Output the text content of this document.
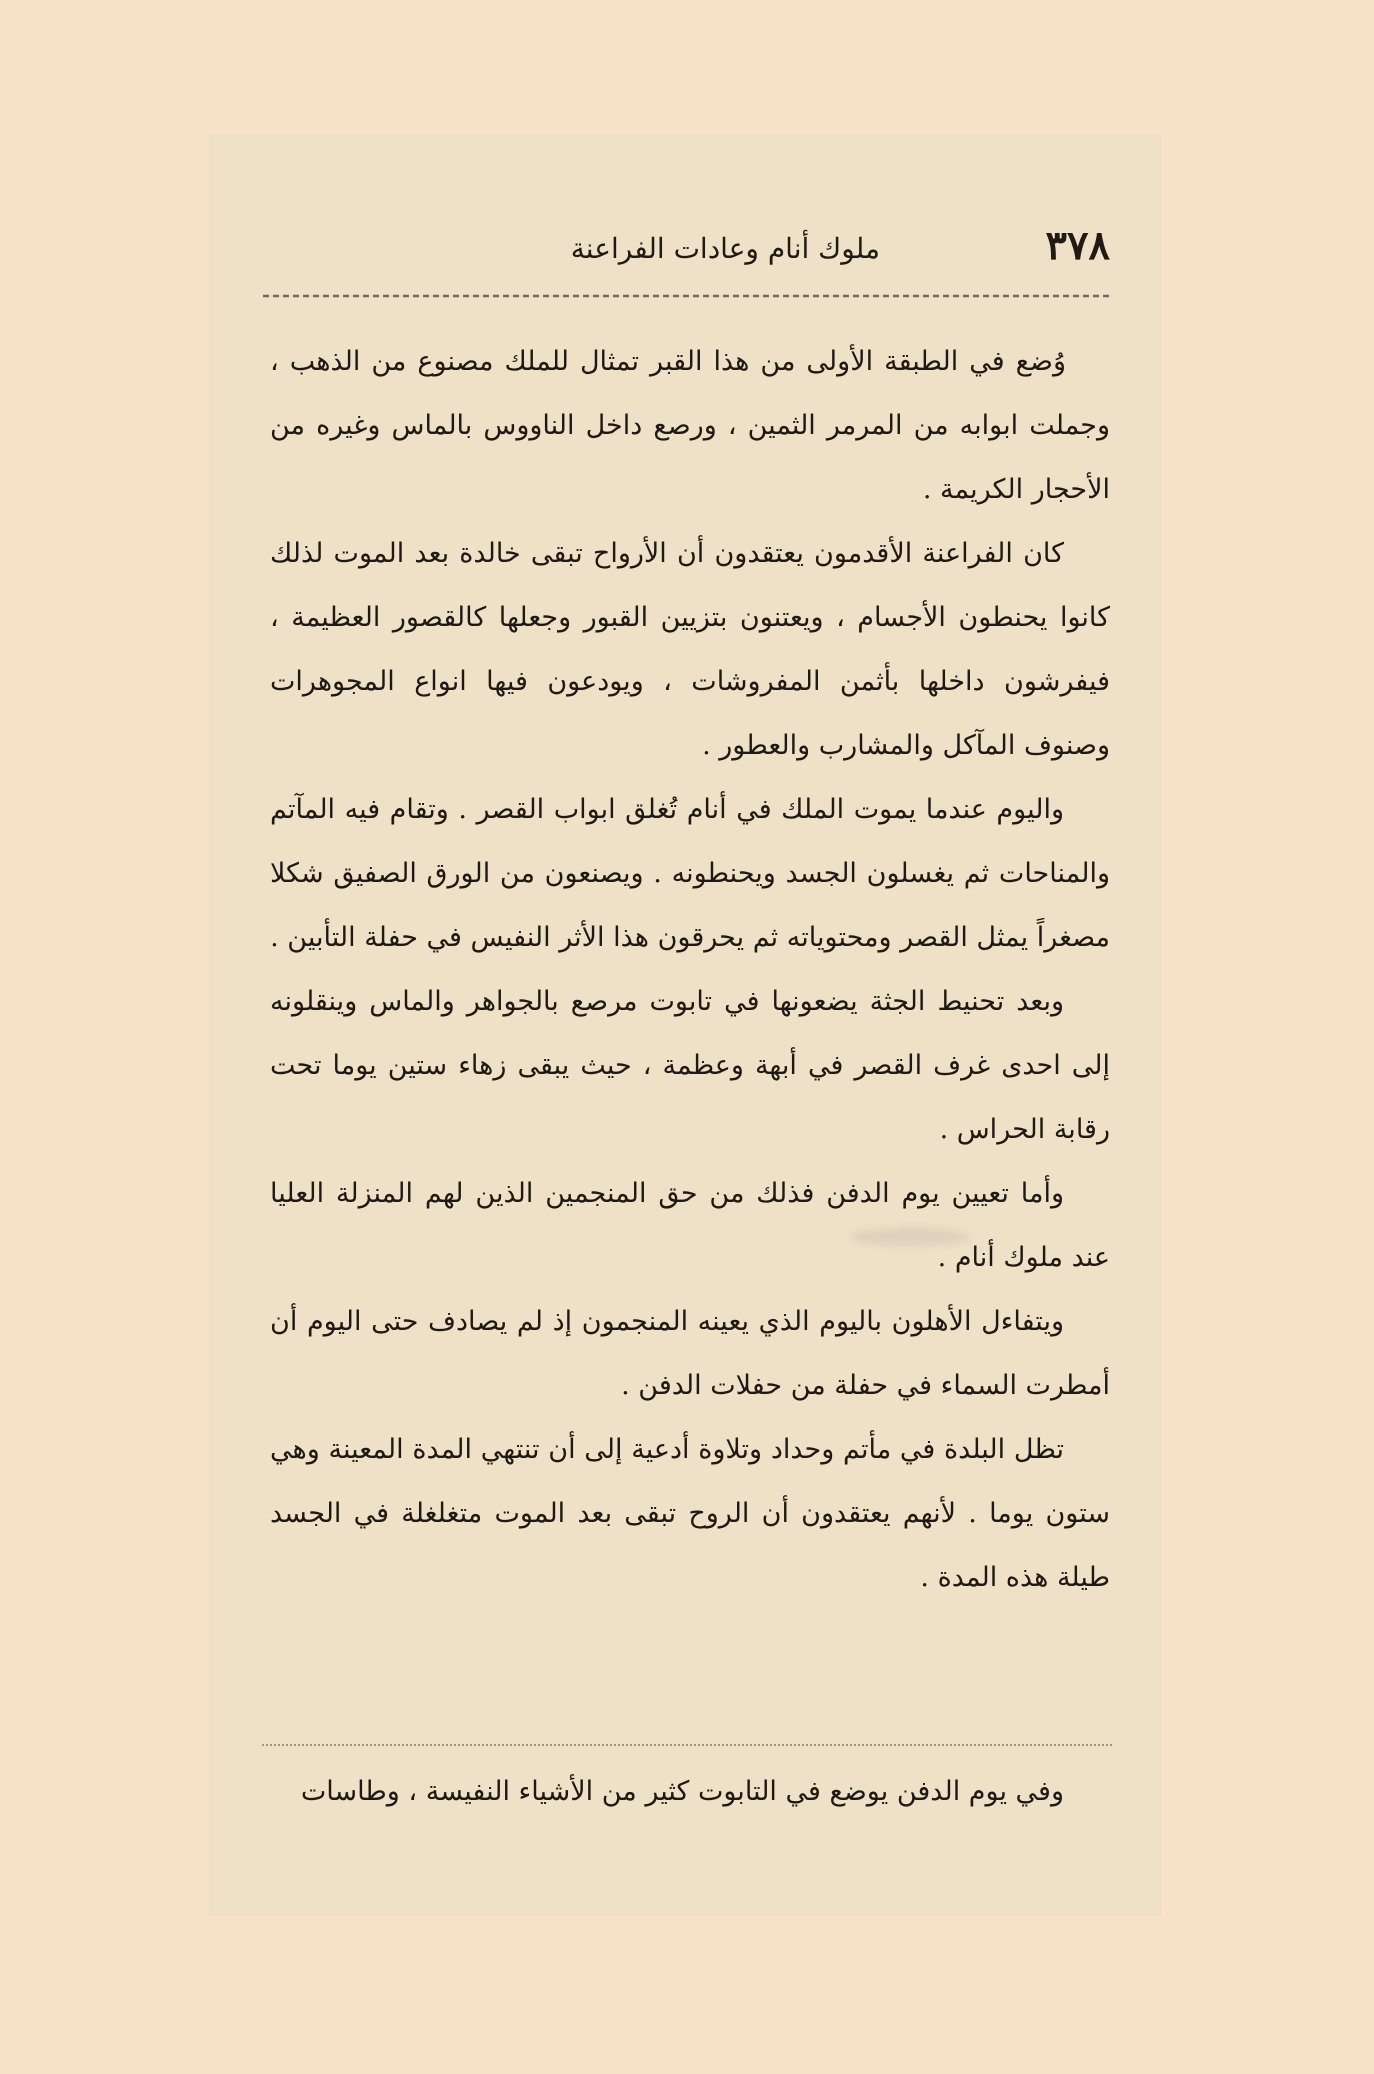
٣٧٨
ملوك أنام وعادات الفراعنة

وُضع في الطبقة الأولى من هذا القبر تمثال للملك مصنوع من الذهب ، وجملت ابوابه من المرمر الثمين ، ورصع داخل الناووس بالماس وغيره من الأحجار الكريمة .

كان الفراعنة الأقدمون يعتقدون أن الأرواح تبقى خالدة بعد الموت لذلك كانوا يحنطون الأجسام ، ويعتنون بتزيين القبور وجعلها كالقصور العظيمة ، فيفرشون داخلها بأثمن المفروشات ، ويودعون فيها انواع المجوهرات وصنوف المآكل والمشارب والعطور .

واليوم عندما يموت الملك في أنام تُغلق ابواب القصر . وتقام فيه المآتم والمناحات ثم يغسلون الجسد ويحنطونه . ويصنعون من الورق الصفيق شكلا مصغراً يمثل القصر ومحتوياته ثم يحرقون هذا الأثر النفيس في حفلة التأبين .

وبعد تحنيط الجثة يضعونها في تابوت مرصع بالجواهر والماس وينقلونه إلى احدى غرف القصر في أبهة وعظمة ، حيث يبقى زهاء ستين يوما تحت رقابة الحراس .

وأما تعيين يوم الدفن فذلك من حق المنجمين الذين لهم المنزلة العليا عند ملوك أنام .

ويتفاءل الأهلون باليوم الذي يعينه المنجمون إذ لم يصادف حتى اليوم أن أمطرت السماء في حفلة من حفلات الدفن .

تظل البلدة في مأتم وحداد وتلاوة أدعية إلى أن تنتهي المدة المعينة وهي ستون يوما . لأنهم يعتقدون أن الروح تبقى بعد الموت متغلغلة في الجسد طيلة هذه المدة .

وفي يوم الدفن يوضع في التابوت كثير من الأشياء النفيسة ، وطاسات
